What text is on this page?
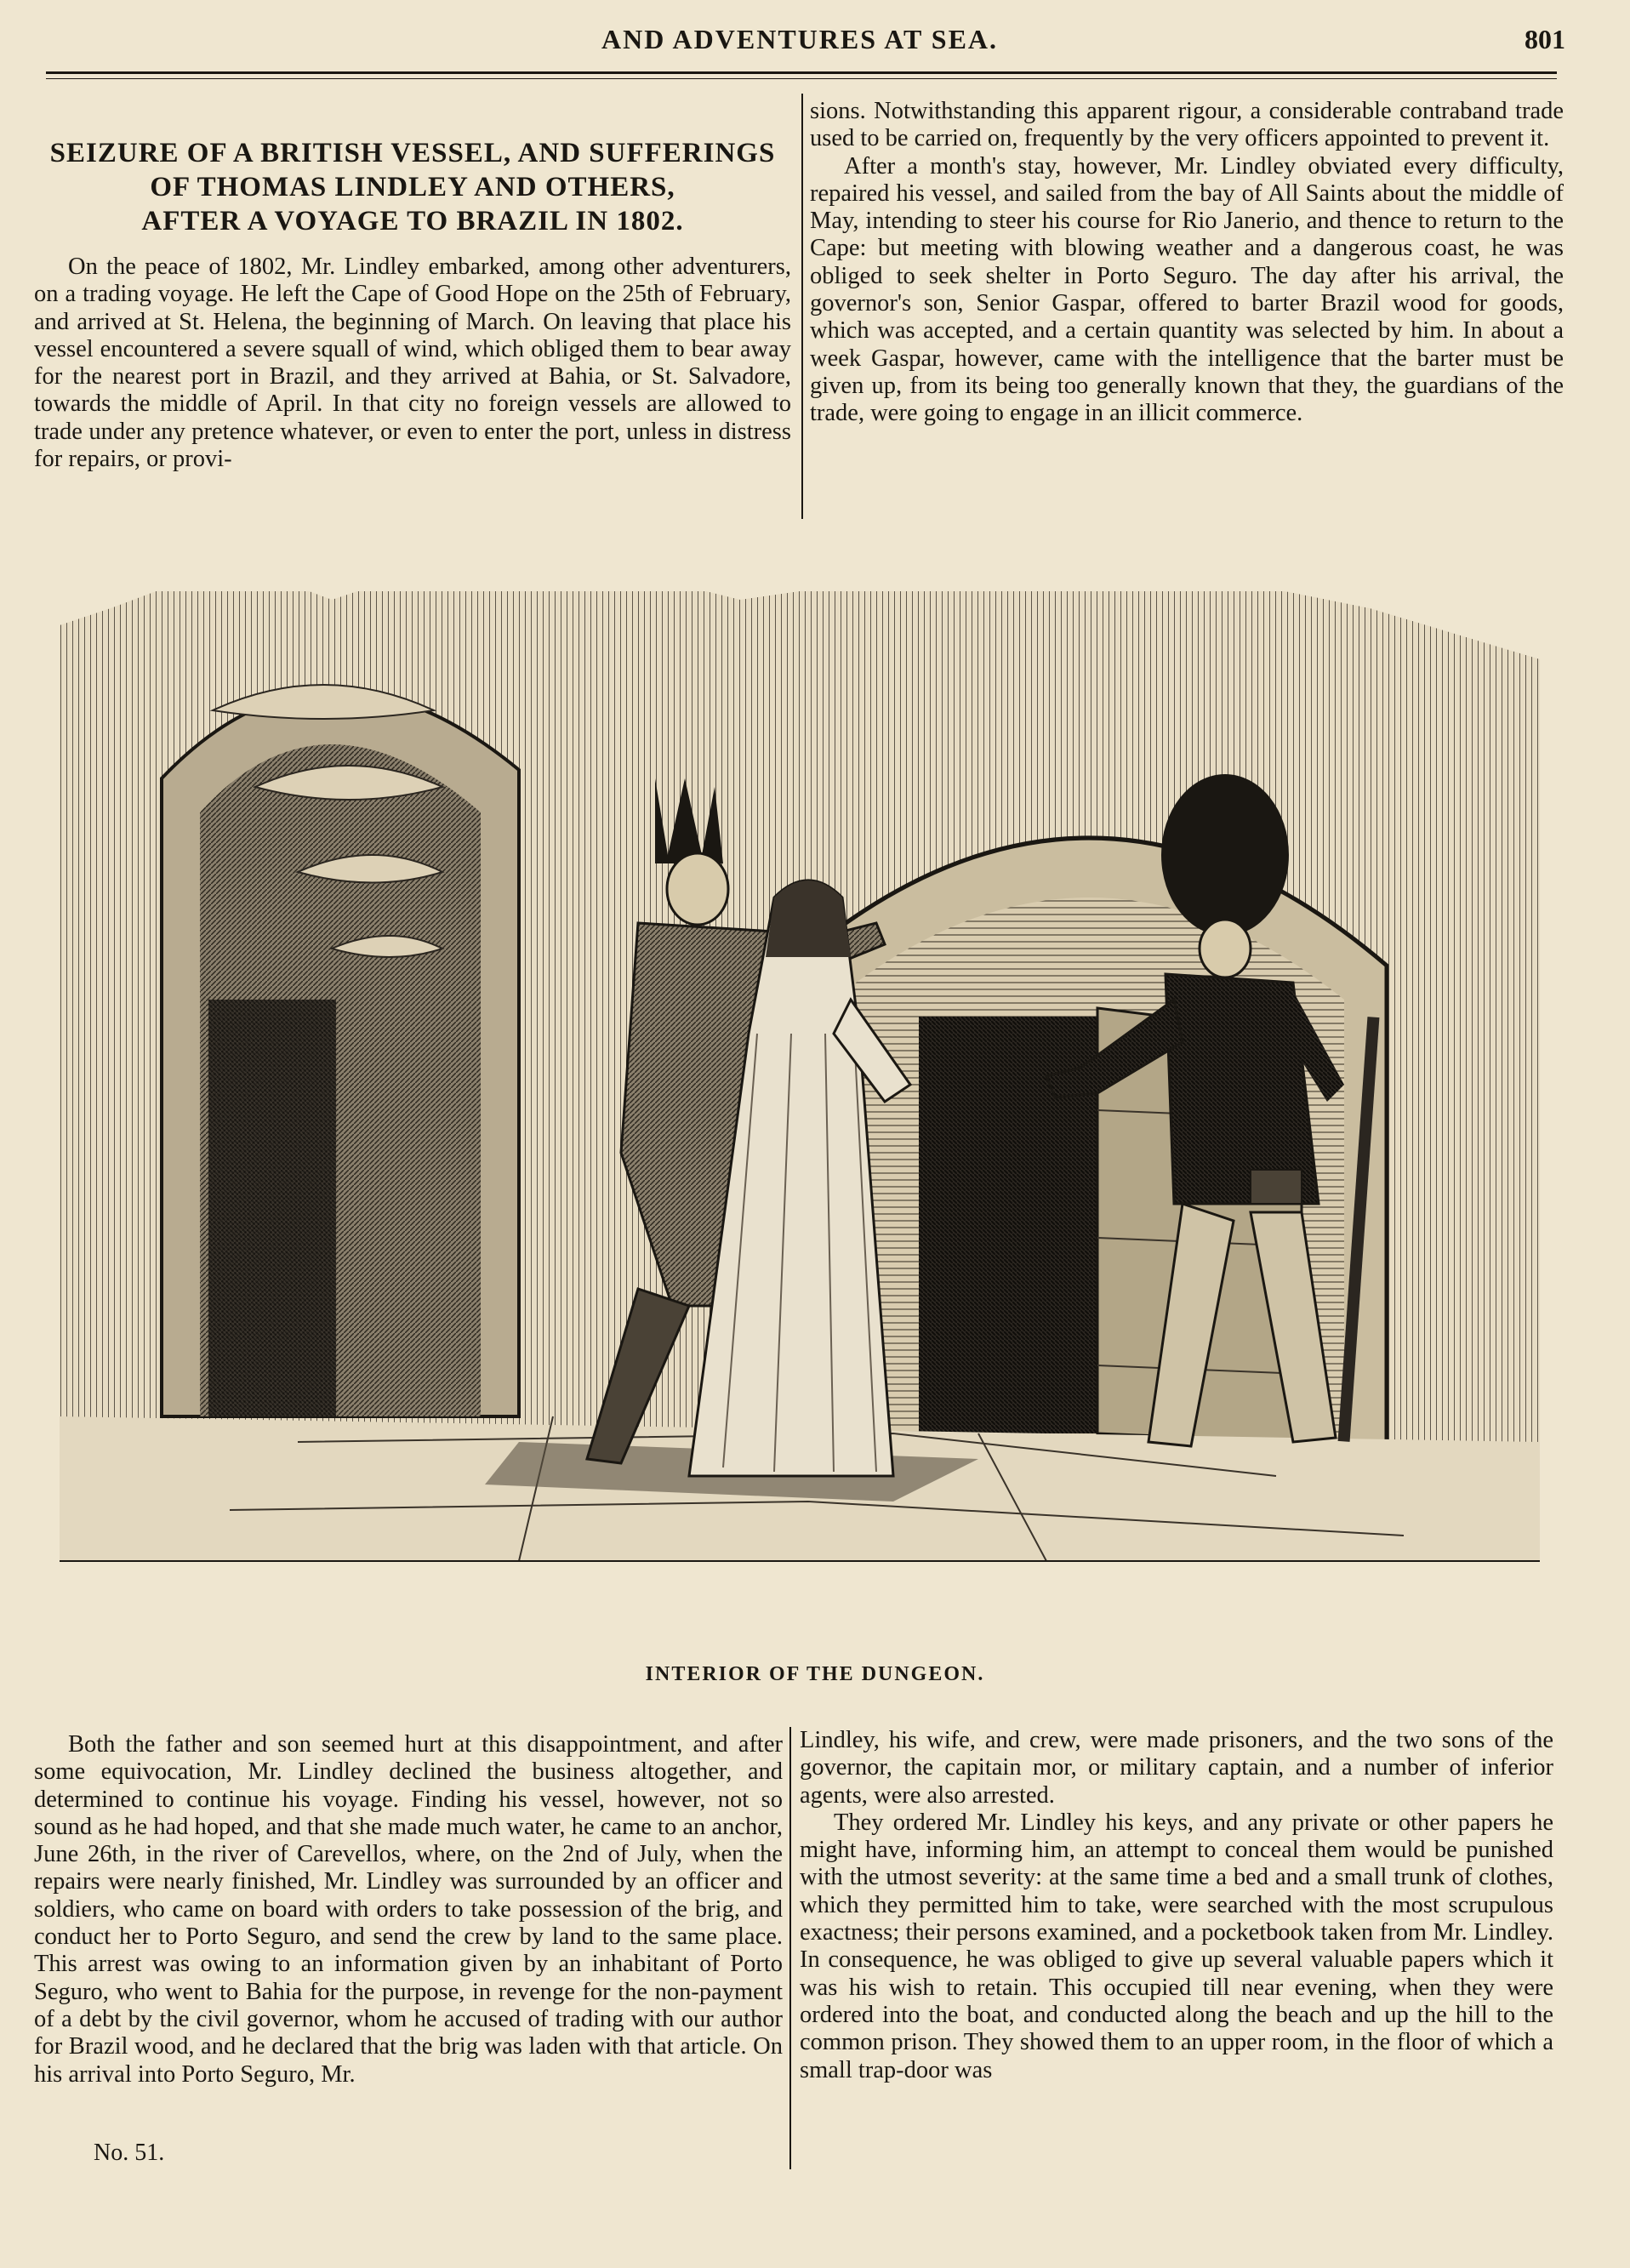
AND ADVENTURES AT SEA.	801
SEIZURE OF A BRITISH VESSEL, AND SUFFERINGS
OF THOMAS LINDLEY AND OTHERS,
AFTER A VOYAGE TO BRAZIL IN 1802.

On the peace of 1802, Mr. Lindley embarked, among other adventurers, on a trading voyage. He left the Cape of Good Hope on the 25th of February, and arrived at St. Helena, the beginning of March. On leaving that place his vessel encountered a severe squall of wind, which obliged them to bear away for the nearest port in Brazil, and they arrived at Bahia, or St. Salvadore, towards the middle of April. In that city no foreign vessels are allowed to trade under any pretence whatever, or even to enter the port, unless in distress for repairs, or provi-

sions. Notwithstanding this apparent rigour, a considerable contraband trade used to be carried on, frequently by the very officers appointed to prevent it.

After a month's stay, however, Mr. Lindley obviated every difficulty, repaired his vessel, and sailed from the bay of All Saints about the middle of May, intending to steer his course for Rio Janerio, and thence to return to the Cape: but meeting with blowing weather and a dangerous coast, he was obliged to seek shelter in Porto Seguro. The day after his arrival, the governor's son, Senior Gaspar, offered to barter Brazil wood for goods, which was accepted, and a certain quantity was selected by him. In about a week Gaspar, however, came with the intelligence that the barter must be given up, from its being too generally known that they, the guardians of the trade, were going to engage in an illicit commerce.

INTERIOR OF THE DUNGEON.

Both the father and son seemed hurt at this disappointment, and after some equivocation, Mr. Lindley declined the business altogether, and determined to continue his voyage. Finding his vessel, however, not so sound as he had hoped, and that she made much water, he came to an anchor, June 26th, in the river of Carevellos, where, on the 2nd of July, when the repairs were nearly finished, Mr. Lindley was surrounded by an officer and soldiers, who came on board with orders to take possession of the brig, and conduct her to Porto Seguro, and send the crew by land to the same place. This arrest was owing to an information given by an inhabitant of Porto Seguro, who went to Bahia for the purpose, in revenge for the non-payment of a debt by the civil governor, whom he accused of trading with our author for Brazil wood, and he declared that the brig was laden with that article. On his arrival into Porto Seguro, Mr.

Lindley, his wife, and crew, were made prisoners, and the two sons of the governor, the capitain mor, or military captain, and a number of inferior agents, were also arrested.

They ordered Mr. Lindley his keys, and any private or other papers he might have, informing him, an attempt to conceal them would be punished with the utmost severity: at the same time a bed and a small trunk of clothes, which they permitted him to take, were searched with the most scrupulous exactness; their persons examined, and a pocketbook taken from Mr. Lindley. In consequence, he was obliged to give up several valuable papers which it was his wish to retain. This occupied till near evening, when they were ordered into the boat, and conducted along the beach and up the hill to the common prison. They showed them to an upper room, in the floor of which a small trap-door was

No. 51.
